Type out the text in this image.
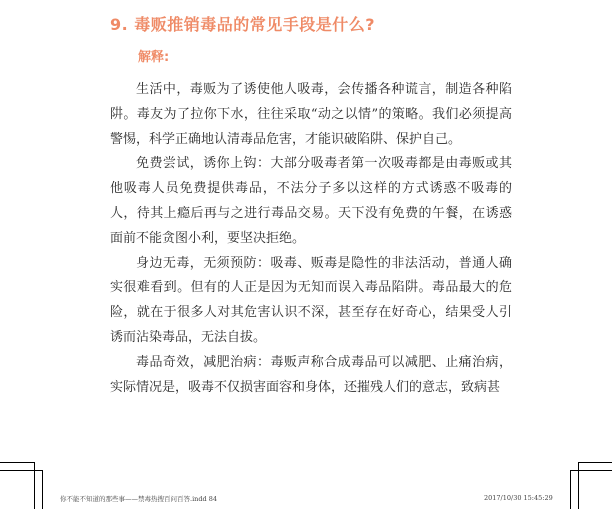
9. 毒贩推销毒品的常见手段是什么?
解释:

生活中，毒贩为了诱使他人吸毒，会传播各种谎言，制造各种陷阱。毒友为了拉你下水，往往采取“动之以情”的策略。我们必须提高警惕，科学正确地认清毒品危害，才能识破陷阱、保护自己。

免费尝试，诱你上钩：大部分吸毒者第一次吸毒都是由毒贩或其他吸毒人员免费提供毒品，不法分子多以这样的方式诱惑不吸毒的人，待其上瘾后再与之进行毒品交易。天下没有免费的午餐，在诱惑面前不能贪图小利，要坚决拒绝。

身边无毒，无须预防：吸毒、贩毒是隐性的非法活动，普通人确实很难看到。但有的人正是因为无知而误入毒品陷阱。毒品最大的危险，就在于很多人对其危害认识不深，甚至存在好奇心，结果受人引诱而沾染毒品，无法自拔。

毒品奇效，减肥治病：毒贩声称合成毒品可以减肥、止痛治病，实际情况是，吸毒不仅损害面容和身体，还摧残人们的意志，致病甚

你不能不知道的那些事——禁毒热搜百问百答.indd 84	2017/10/30 15:45:29
